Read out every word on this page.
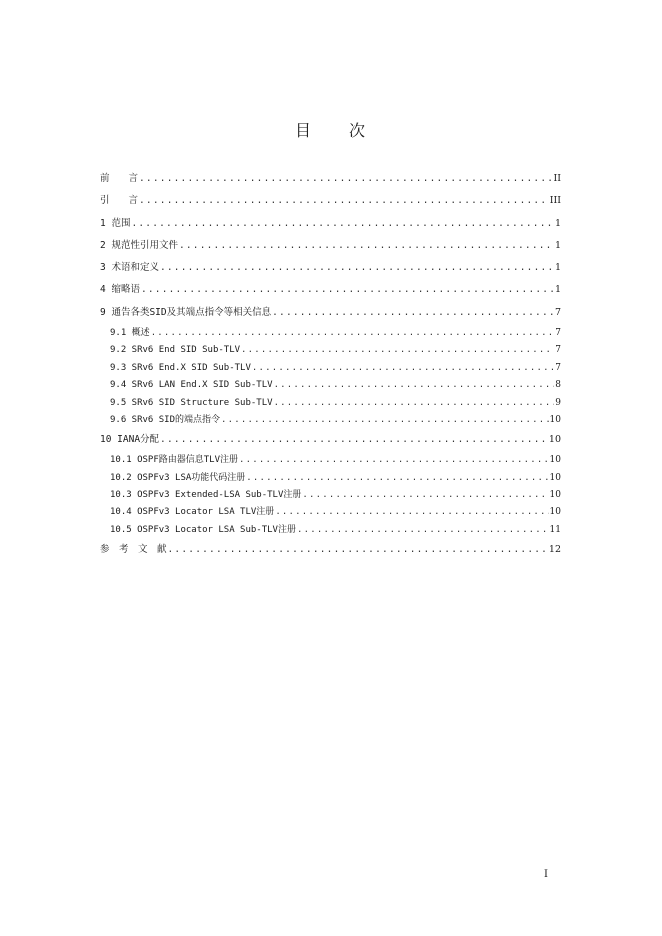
目　　次
前　　言 .....	II
引　　言 .....	III
1 范围 .....	1
2 规范性引用文件 .....	1
3 术语和定义 .....	1
4 缩略语 .....	1
9 通告各类SID及其端点指令等相关信息 .....	7
9.1 概述 .....	7
9.2 SRv6 End SID Sub-TLV .....	7
9.3 SRv6 End.X SID Sub-TLV .....	7
9.4 SRv6 LAN End.X SID Sub-TLV .....	8
9.5 SRv6 SID Structure Sub-TLV .....	9
9.6 SRv6 SID的端点指令 .....	10
10 IANA分配 .....	10
10.1 OSPF路由器信息TLV注册 .....	10
10.2 OSPFv3 LSA功能代码注册 .....	10
10.3 OSPFv3 Extended-LSA Sub-TLV注册 .....	10
10.4 OSPFv3 Locator LSA TLV注册 .....	10
10.5 OSPFv3 Locator LSA Sub-TLV注册 .....	11
参　考　文　献 .....	12
I
